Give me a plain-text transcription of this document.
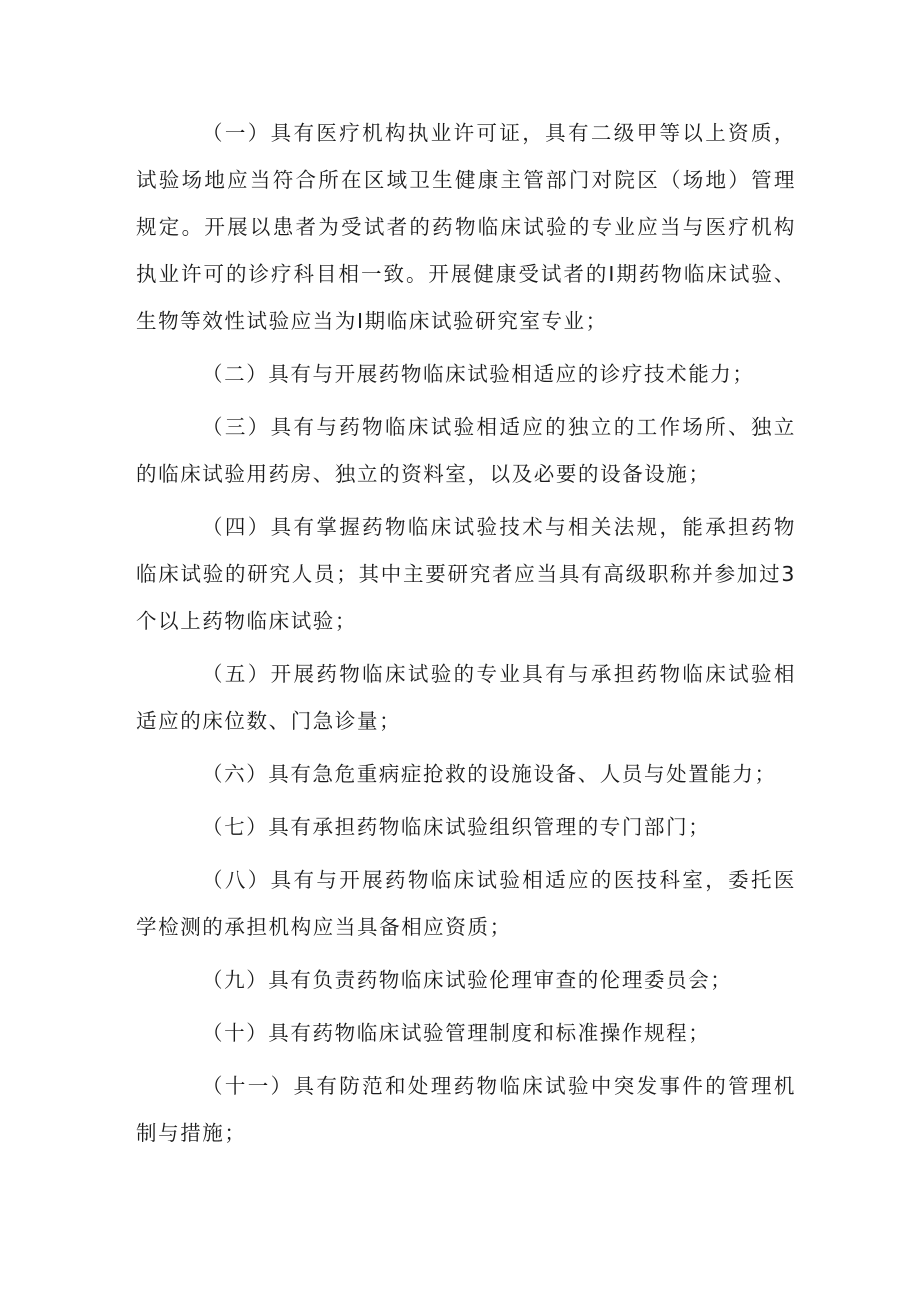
（一）具有医疗机构执业许可证，具有二级甲等以上资质，试验场地应当符合所在区域卫生健康主管部门对院区（场地）管理规定。开展以患者为受试者的药物临床试验的专业应当与医疗机构执业许可的诊疗科目相一致。开展健康受试者的Ⅰ期药物临床试验、生物等效性试验应当为Ⅰ期临床试验研究室专业；

（二）具有与开展药物临床试验相适应的诊疗技术能力；

（三）具有与药物临床试验相适应的独立的工作场所、独立的临床试验用药房、独立的资料室，以及必要的设备设施；

（四）具有掌握药物临床试验技术与相关法规，能承担药物临床试验的研究人员；其中主要研究者应当具有高级职称并参加过3个以上药物临床试验；

（五）开展药物临床试验的专业具有与承担药物临床试验相适应的床位数、门急诊量；

（六）具有急危重病症抢救的设施设备、人员与处置能力；

（七）具有承担药物临床试验组织管理的专门部门；

（八）具有与开展药物临床试验相适应的医技科室，委托医学检测的承担机构应当具备相应资质；

（九）具有负责药物临床试验伦理审查的伦理委员会；

（十）具有药物临床试验管理制度和标准操作规程；

（十一）具有防范和处理药物临床试验中突发事件的管理机制与措施；
